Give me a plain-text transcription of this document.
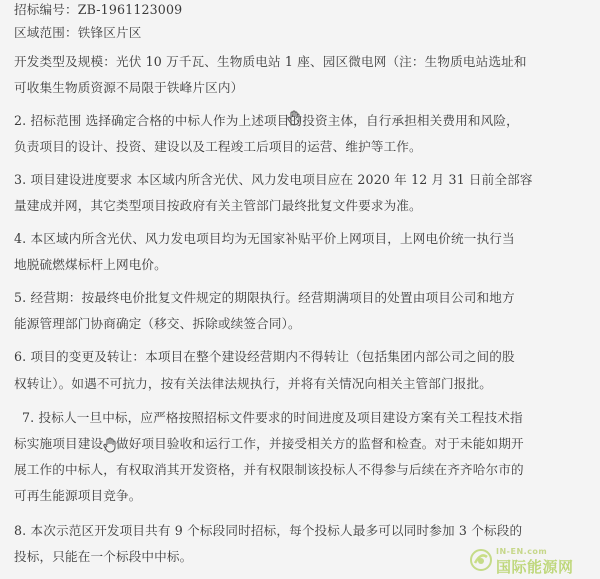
招标编号：ZB-1961123009
区域范围：铁锋区片区
开发类型及规模：光伏 10 万千瓦、生物质电站 1 座、园区微电网（注：生物质电站选址和
可收集生物质资源不局限于铁峰片区内）
2. 招标范围 选择确定合格的中标人作为上述项目的投资主体，自行承担相关费用和风险，
负责项目的设计、投资、建设以及工程竣工后项目的运营、维护等工作。
3. 项目建设进度要求 本区域内所含光伏、风力发电项目应在 2020 年 12 月 31 日前全部容
量建成并网，其它类型项目按政府有关主管部门最终批复文件要求为准。
4. 本区域内所含光伏、风力发电项目均为无国家补贴平价上网项目，上网电价统一执行当
地脱硫燃煤标杆上网电价。
5. 经营期：按最终电价批复文件规定的期限执行。经营期满项目的处置由项目公司和地方
能源管理部门协商确定（移交、拆除或续签合同）。
6. 项目的变更及转让：本项目在整个建设经营期内不得转让（包括集团内部公司之间的股
权转让）。如遇不可抗力，按有关法律法规执行，并将有关情况向相关主管部门报批。
7. 投标人一旦中标，应严格按照招标文件要求的时间进度及项目建设方案有关工程技术指
标实施项目建设，做好项目验收和运行工作，并接受相关方的监督和检查。对于未能如期开
展工作的中标人，有权取消其开发资格，并有权限制该投标人不得参与后续在齐齐哈尔市的
可再生能源项目竞争。
8. 本次示范区开发项目共有 9 个标段同时招标，每个投标人最多可以同时参加 3 个标段的
投标，只能在一个标段中中标。	IN-EN.com
国际能源网
